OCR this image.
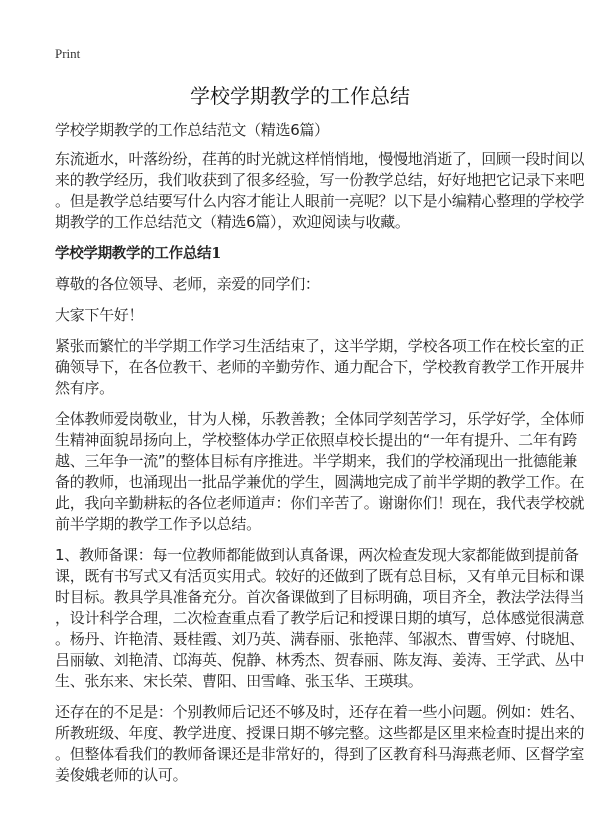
Print
学校学期教学的工作总结
学校学期教学的工作总结范文（精选6篇）
东流逝水，叶落纷纷，荏苒的时光就这样悄悄地，慢慢地消逝了，回顾一段时间以
来的教学经历，我们收获到了很多经验，写一份教学总结，好好地把它记录下来吧
。但是教学总结要写什么内容才能让人眼前一亮呢？以下是小编精心整理的学校学
期教学的工作总结范文（精选6篇），欢迎阅读与收藏。
学校学期教学的工作总结1
尊敬的各位领导、老师，亲爱的同学们：
大家下午好！
紧张而繁忙的半学期工作学习生活结束了，这半学期，学校各项工作在校长室的正
确领导下，在各位教干、老师的辛勤劳作、通力配合下，学校教育教学工作开展井
然有序。
全体教师爱岗敬业，甘为人梯，乐教善教；全体同学刻苦学习，乐学好学，全体师
生精神面貌昂扬向上，学校整体办学正依照卓校长提出的“一年有提升、二年有跨
越、三年争一流”的整体目标有序推进。半学期来，我们的学校涌现出一批德能兼
备的教师，也涌现出一批品学兼优的学生，圆满地完成了前半学期的教学工作。在
此，我向辛勤耕耘的各位老师道声：你们辛苦了。谢谢你们！现在，我代表学校就
前半学期的教学工作予以总结。
1、教师备课：每一位教师都能做到认真备课，两次检查发现大家都能做到提前备
课，既有书写式又有活页实用式。较好的还做到了既有总目标，又有单元目标和课
时目标。教具学具准备充分。首次备课做到了目标明确，项目齐全，教法学法得当
，设计科学合理，二次检查重点看了教学后记和授课日期的填写，总体感觉很满意
。杨丹、许艳清、聂桂霞、刘乃英、满春丽、张艳萍、邹淑杰、曹雪婷、付晓旭、
吕丽敏、刘艳清、邙海英、倪静、林秀杰、贺春丽、陈友海、姜涛、王学武、丛中
生、张东来、宋长荣、曹阳、田雪峰、张玉华、王瑛琪。
还存在的不足是：个别教师后记还不够及时，还存在着一些小问题。例如：姓名、
所教班级、年度、教学进度、授课日期不够完整。这些都是区里来检查时提出来的
。但整体看我们的教师备课还是非常好的，得到了区教育科马海燕老师、区督学室
姜俊娥老师的认可。
